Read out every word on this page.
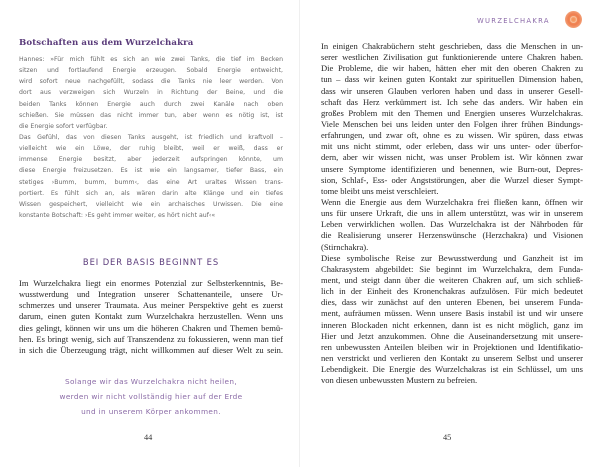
Botschaften aus dem Wurzelchakra
Hannes: »Für mich fühlt es sich an wie zwei Tanks, die tief im Becken
sitzen und fortlaufend Energie erzeugen. Sobald Energie entweicht,
wird sofort neue nachgefüllt, sodass die Tanks nie leer werden. Von
dort aus verzweigen sich Wurzeln in Richtung der Beine, und die
beiden Tanks können Energie auch durch zwei Kanäle nach oben
schießen. Sie müssen das nicht immer tun, aber wenn es nötig ist, ist
die Energie sofort verfügbar.
Das Gefühl, das von diesen Tanks ausgeht, ist friedlich und kraftvoll –
vielleicht wie ein Löwe, der ruhig bleibt, weil er weiß, dass er
immense Energie besitzt, aber jederzeit aufspringen könnte, um
diese Energie freizusetzen. Es ist wie ein langsamer, tiefer Bass, ein
stetiges ›Bumm, bumm, bumm‹, das eine Art uraltes Wissen trans-
portiert. Es fühlt sich an, als wären darin alte Klänge und ein tiefes
Wissen gespeichert, vielleicht wie ein archaisches Urwissen. Die eine
konstante Botschaft: ›Es geht immer weiter, es hört nicht auf‹«
BEI DER BASIS BEGINNT ES
Im Wurzelchakra liegt ein enormes Potenzial zur Selbsterkenntnis, Be-
wusstwerdung und Integration unserer Schattenanteile, unsere Ur-
schmerzes und unserer Traumata. Aus meiner Perspektive geht es zuerst
darum, einen guten Kontakt zum Wurzelchakra herzustellen. Wenn uns
dies gelingt, können wir uns um die höheren Chakren und Themen bemü-
hen. Es bringt wenig, sich auf Transzendenz zu fokussieren, wenn man tief
in sich die Überzeugung trägt, nicht willkommen auf dieser Welt zu sein.
Solange wir das Wurzelchakra nicht heilen,
werden wir nicht vollständig hier auf der Erde
und in unserem Körper ankommen.
44
WURZELCHAKRA
In einigen Chakrabüchern steht geschrieben, dass die Menschen in un-
serer westlichen Zivilisation gut funktionierende untere Chakren haben.
Die Probleme, die wir haben, hätten eher mit den oberen Chakren zu
tun – dass wir keinen guten Kontakt zur spirituellen Dimension haben,
dass wir unseren Glauben verloren haben und dass in unserer Gesell-
schaft das Herz verkümmert ist. Ich sehe das anders. Wir haben ein
großes Problem mit den Themen und Energien unseres Wurzelchakras.
Viele Menschen bei uns leiden unter den Folgen ihrer frühen Bindungs-
erfahrungen, und zwar oft, ohne es zu wissen. Wir spüren, dass etwas
mit uns nicht stimmt, oder erleben, dass wir uns unter- oder überfor-
dern, aber wir wissen nicht, was unser Problem ist. Wir können zwar
unsere Symptome identifizieren und benennen, wie Burn-out, Depres-
sion, Schlaf-, Ess- oder Angststörungen, aber die Wurzel dieser Sympt-
tome bleibt uns meist verschleiert.
Wenn die Energie aus dem Wurzelchakra frei fließen kann, öffnen wir
uns für unsere Urkraft, die uns in allem unterstützt, was wir in unserem
Leben verwirklichen wollen. Das Wurzelchakra ist der Nährboden für
die Realisierung unserer Herzenswünsche (Herzchakra) und Visionen
(Stirnchakra).
Diese symbolische Reise zur Bewusstwerdung und Ganzheit ist im
Chakrasystem abgebildet: Sie beginnt im Wurzelchakra, dem Funda-
ment, und steigt dann über die weiteren Chakren auf, um sich schließ-
lich in der Einheit des Kronenchakras aufzulösen. Für mich bedeutet
dies, dass wir zunächst auf den unteren Ebenen, bei unserem Funda-
ment, aufräumen müssen. Wenn unsere Basis instabil ist und wir unsere
inneren Blockaden nicht erkennen, dann ist es nicht möglich, ganz im
Hier und Jetzt anzukommen. Ohne die Auseinandersetzung mit unsere-
ren unbewussten Anteilen bleiben wir in Projektionen und Identifikatio-
nen verstrickt und verlieren den Kontakt zu unserem Selbst und unserer
Lebendigkeit. Die Energie des Wurzelchakras ist ein Schlüssel, um uns
von diesen unbewussten Mustern zu befreien.
45
